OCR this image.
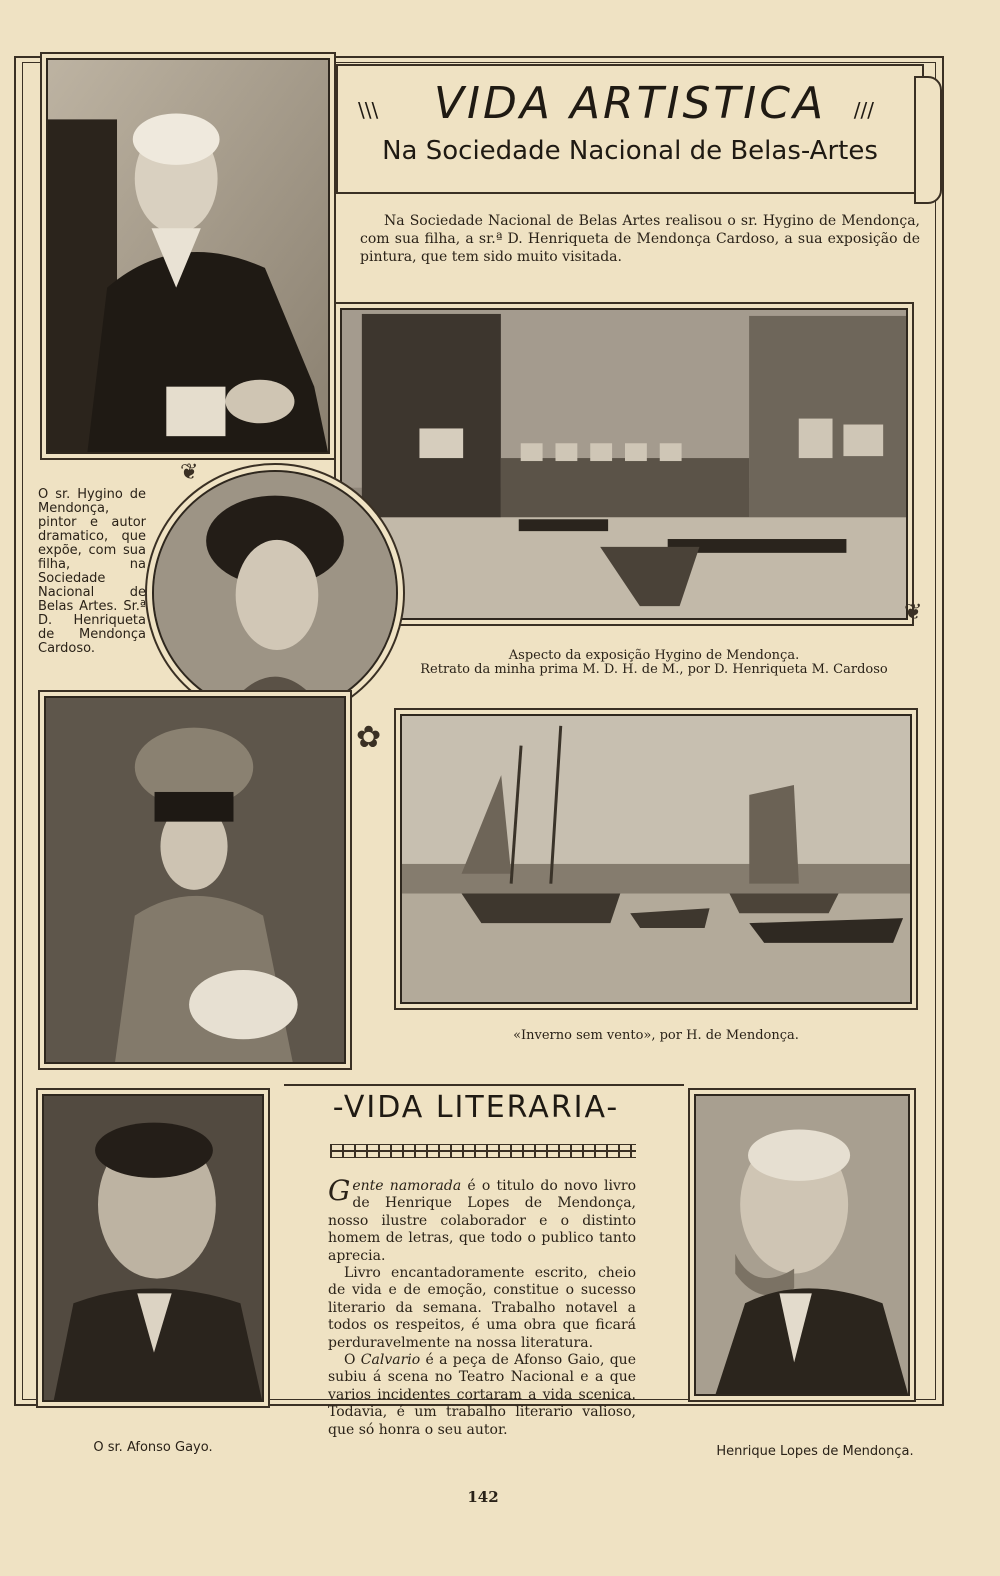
\\\	VIDA ARTISTICA	///
Na Sociedade Nacional de Belas-Artes

Na Sociedade Nacional de Belas Artes realisou o sr. Hygino de Mendonça, com sua filha, a sr.ª D. Henriqueta de Mendonça Cardoso, a sua exposição de pintura, que tem sido muito visitada.

O sr. Hygino de Mendonça, pintor e autor dramatico, que expõe, com sua filha, na Sociedade Nacional de Belas Artes. Sr.ª D. Henriqueta de Mendonça Cardoso.	Aspecto da exposição Hygino de Mendonça.
Retrato da minha prima M. D. H. de M., por D. Henriqueta M. Cardoso
❦
❦
✿
«Inverno sem vento», por H. de Mendonça.
-VIDA LITERARIA-

Gente namorada é o titulo do novo livro de Henrique Lopes de Mendonça, nosso ilustre colaborador e o distinto homem de letras, que todo o publico tanto aprecia.

Livro encantadoramente escrito, cheio de vida e de emoção, constitue o sucesso literario da semana. Trabalho notavel a todos os respeitos, é uma obra que ficará perduravelmente na nossa literatura.

O Calvario é a peça de Afonso Gaio, que subiu á scena no Teatro Nacional e a que varios incidentes cortaram a vida scenica. Todavia, é um trabalho literario valioso, que só honra o seu autor.

O sr. Afonso Gayo.	Henrique Lopes de Mendonça.
142
